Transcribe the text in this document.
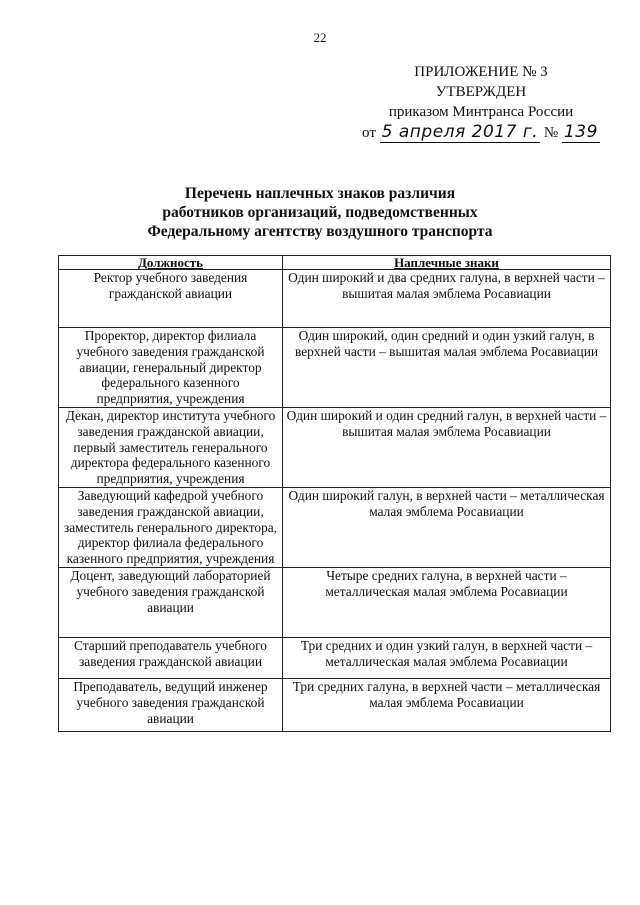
22
ПРИЛОЖЕНИЕ № 3
УТВЕРЖДЕН
приказом Минтранса России
от 5 апреля 2017 г. № 139
Перечень наплечных знаков различия
работников организаций, подведомственных
Федеральному агентству воздушного транспорта
Должность	Наплечные знаки
Ректор учебного заведения гражданской авиации	Один широкий и два средних галуна, в верхней части – вышитая малая эмблема Росавиации
Проректор, директор филиала учебного заведения гражданской авиации, генеральный директор федерального казенного предприятия, учреждения	Один широкий, один средний и один узкий галун, в верхней части – вышитая малая эмблема Росавиации
Декан, директор института учебного заведения гражданской авиации, первый заместитель генерального директора федерального казенного предприятия, учреждения	Один широкий и один средний галун, в верхней части – вышитая малая эмблема Росавиации
Заведующий кафедрой учебного заведения гражданской авиации, заместитель генерального директора, директор филиала федерального казенного предприятия, учреждения	Один широкий галун, в верхней части – металлическая малая эмблема Росавиации
Доцент, заведующий лабораторией учебного заведения гражданской авиации	Четыре средних галуна, в верхней части – металлическая малая эмблема Росавиации
Старший преподаватель учебного заведения гражданской авиации	Три средних и один узкий галун, в верхней части – металлическая малая эмблема Росавиации
Преподаватель, ведущий инженер учебного заведения гражданской авиации	Три средних галуна, в верхней части – металлическая малая эмблема Росавиации
